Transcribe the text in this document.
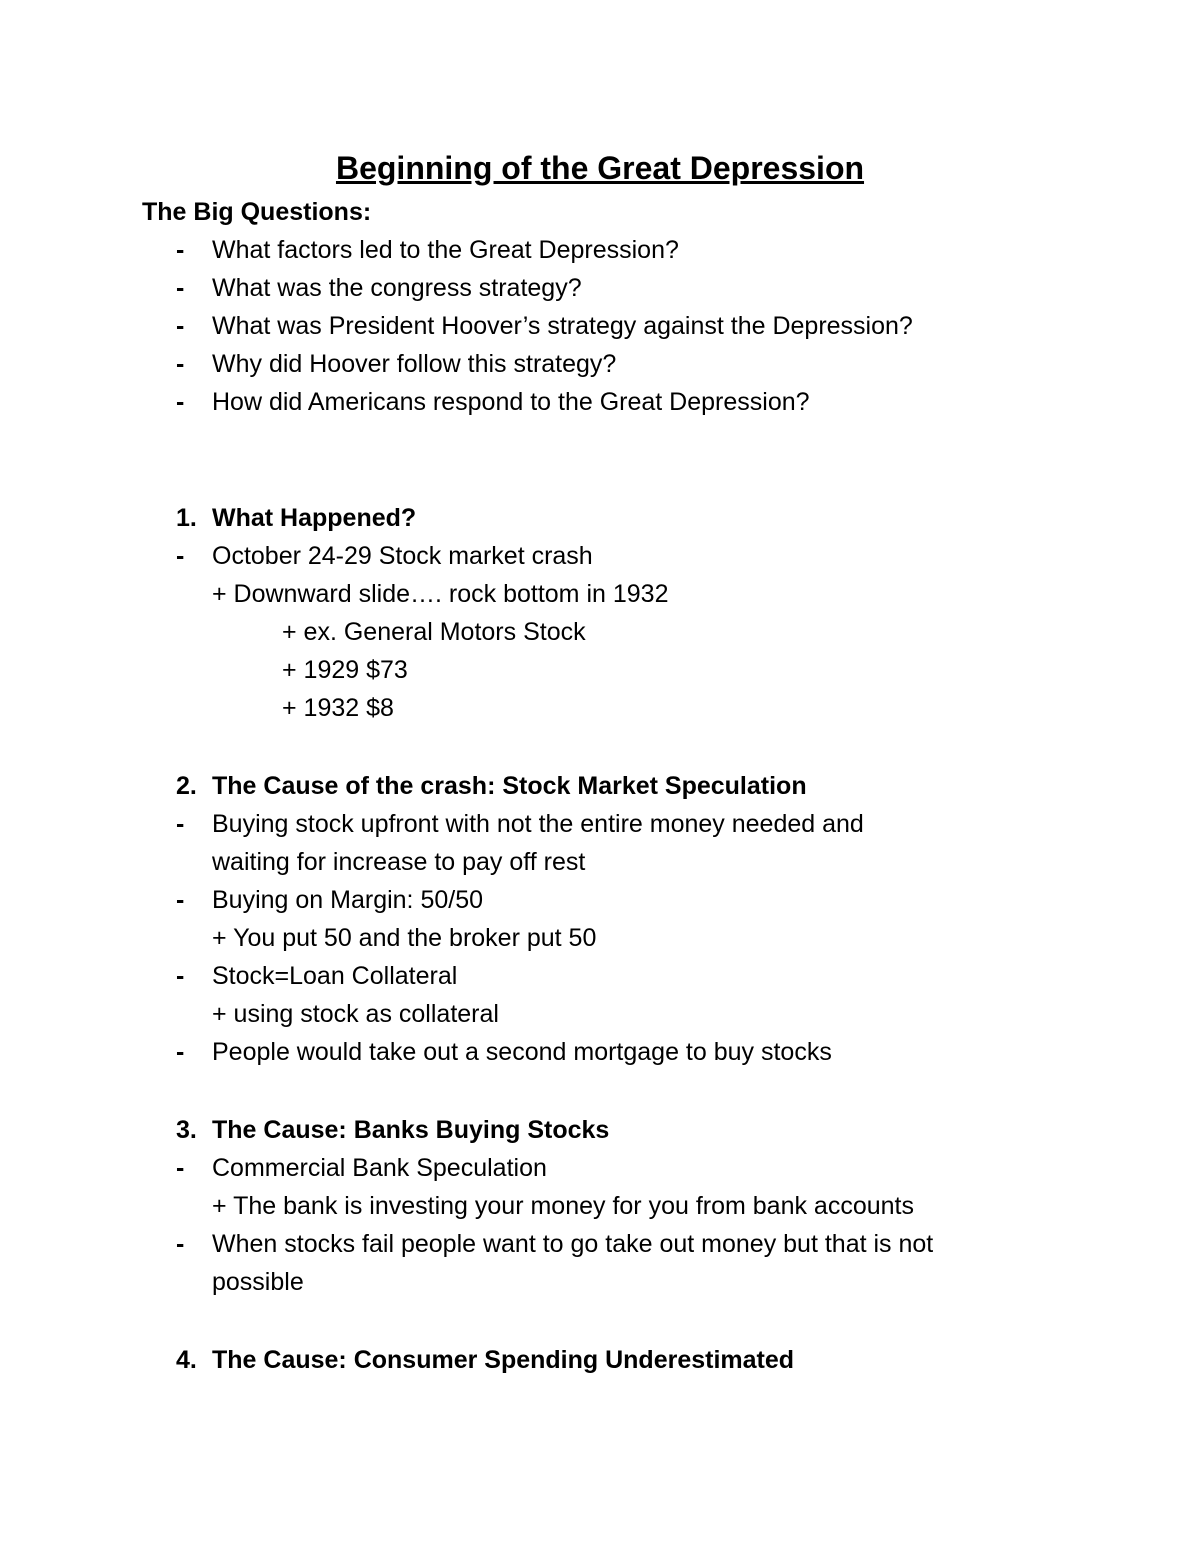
Beginning of the Great Depression
The Big Questions:
- What factors led to the Great Depression?
- What was the congress strategy?
- What was President Hoover’s strategy against the Depression?
- Why did Hoover follow this strategy?
- How did Americans respond to the Great Depression?
1. What Happened?
- October 24-29 Stock market crash
+ Downward slide…. rock bottom in 1932
+ ex. General Motors Stock
+ 1929 $73
+ 1932 $8
2. The Cause of the crash: Stock Market Speculation
- Buying stock upfront with not the entire money needed and
waiting for increase to pay off rest
- Buying on Margin: 50/50
+ You put 50 and the broker put 50
- Stock=Loan Collateral
+ using stock as collateral
- People would take out a second mortgage to buy stocks
3. The Cause: Banks Buying Stocks
- Commercial Bank Speculation
+ The bank is investing your money for you from bank accounts
- When stocks fail people want to go take out money but that is not
possible
4. The Cause: Consumer Spending Underestimated
